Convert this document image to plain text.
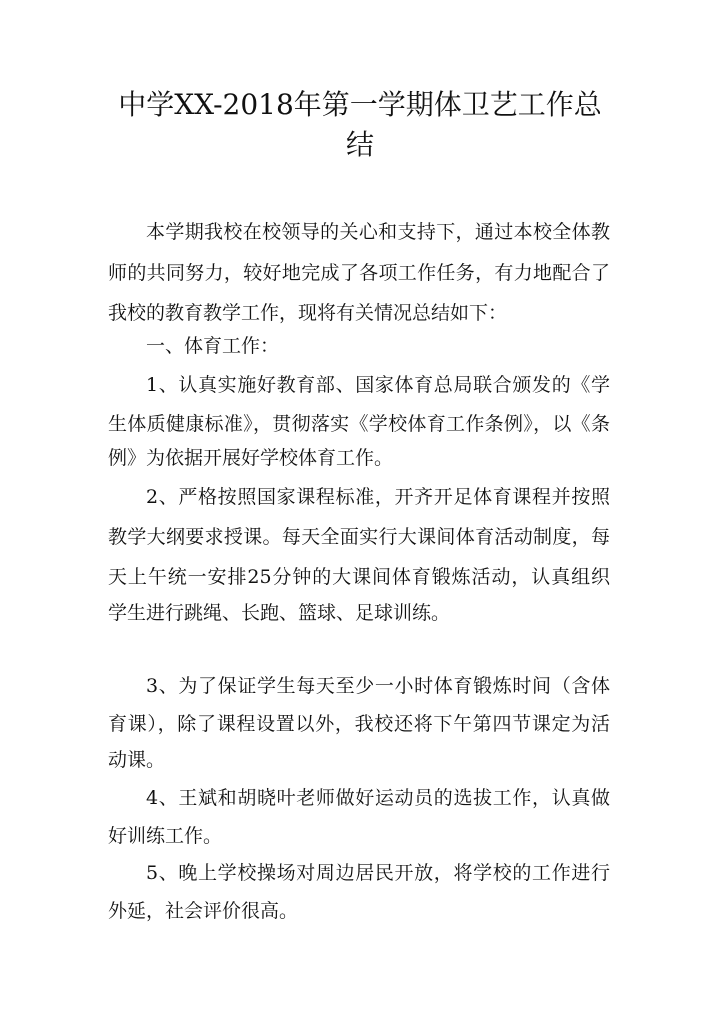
中学XX-2018年第一学期体卫艺工作总
结
本学期我校在校领导的关心和支持下，通过本校全体教
师的共同努力，较好地完成了各项工作任务，有力地配合了
我校的教育教学工作，现将有关情况总结如下：
一、体育工作：
1、认真实施好教育部、国家体育总局联合颁发的《学
生体质健康标准》，贯彻落实《学校体育工作条例》，以《条
例》为依据开展好学校体育工作。
2、严格按照国家课程标准，开齐开足体育课程并按照
教学大纲要求授课。每天全面实行大课间体育活动制度，每
天上午统一安排25分钟的大课间体育锻炼活动，认真组织
学生进行跳绳、长跑、篮球、足球训练。
3、为了保证学生每天至少一小时体育锻炼时间（含体
育课），除了课程设置以外，我校还将下午第四节课定为活
动课。
4、王斌和胡晓叶老师做好运动员的选拔工作，认真做
好训练工作。
5、晚上学校操场对周边居民开放，将学校的工作进行
外延，社会评价很高。
